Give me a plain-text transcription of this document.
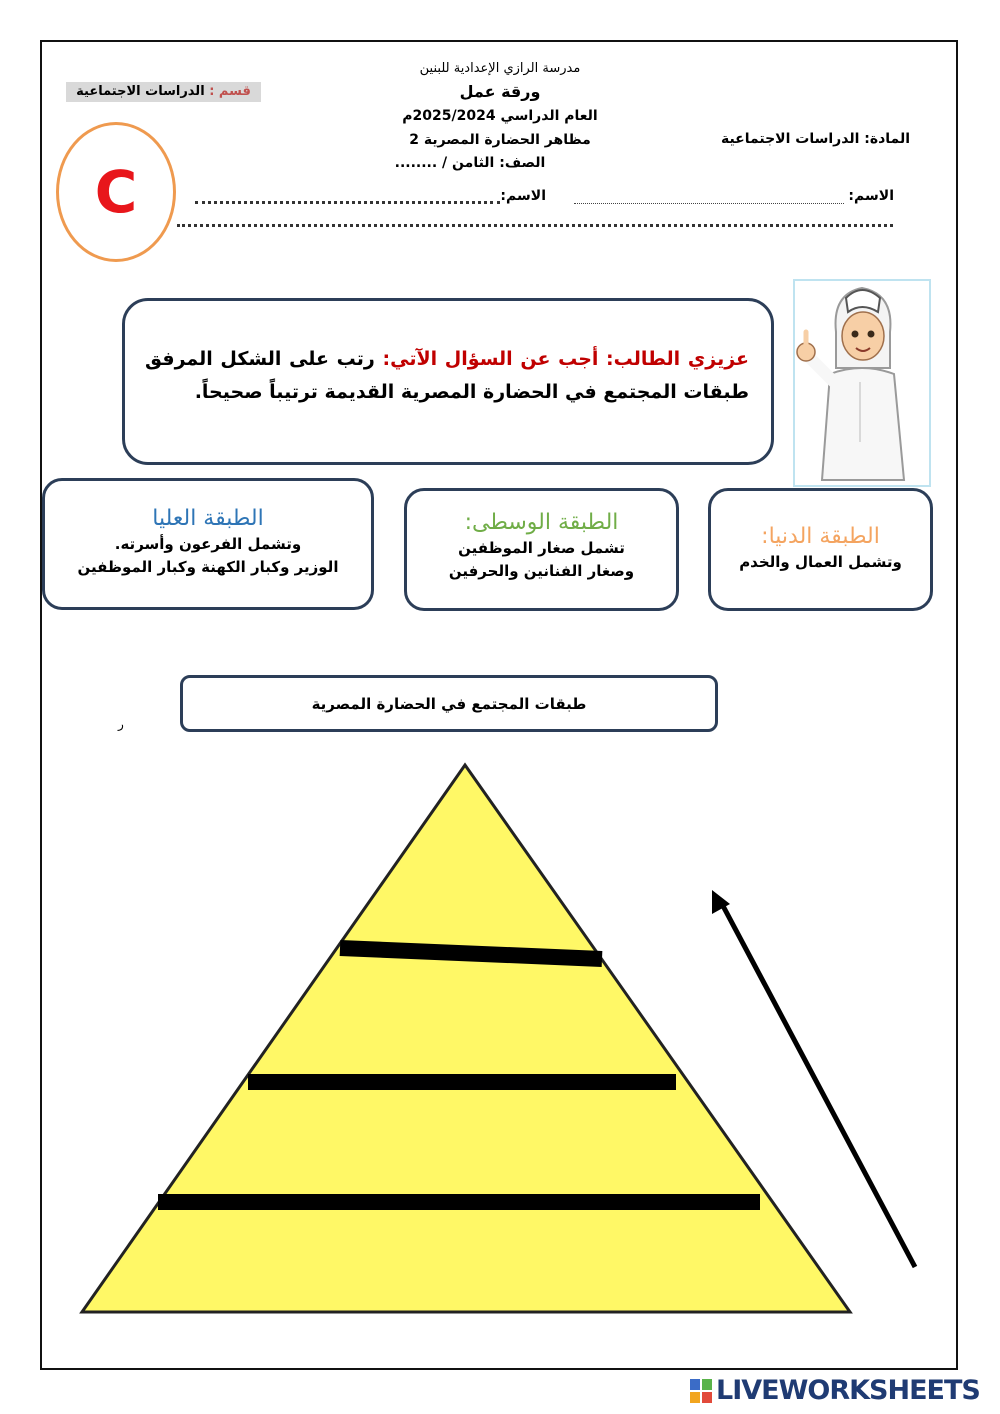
قسم : الدراسات الاجتماعية
مدرسة الرازي الإعدادية للبنين
ورقة عمل
العام الدراسي 2025/2024م
مظاهر الحضارة المصرية 2
الصف: الثامن / ........
المادة: الدراسات الاجتماعية
الاسم:
الاسم:
C
عزيزي الطالب: أجب عن السؤال الآتي: رتب على الشكل المرفق طبقات المجتمع في الحضارة المصرية القديمة ترتيباً صحيحاً.
الطبقة العليا
وتشمل الفرعون وأسرته.
الوزير وكبار الكهنة وكبار الموظفين
الطبقة الوسطى:
تشمل صغار الموظفين
وصغار الفنانين والحرفين
الطبقة الدنيا:
وتشمل العمال والخدم
طبقات المجتمع في الحضارة المصرية
ر
LIVEWORKSHEETS
